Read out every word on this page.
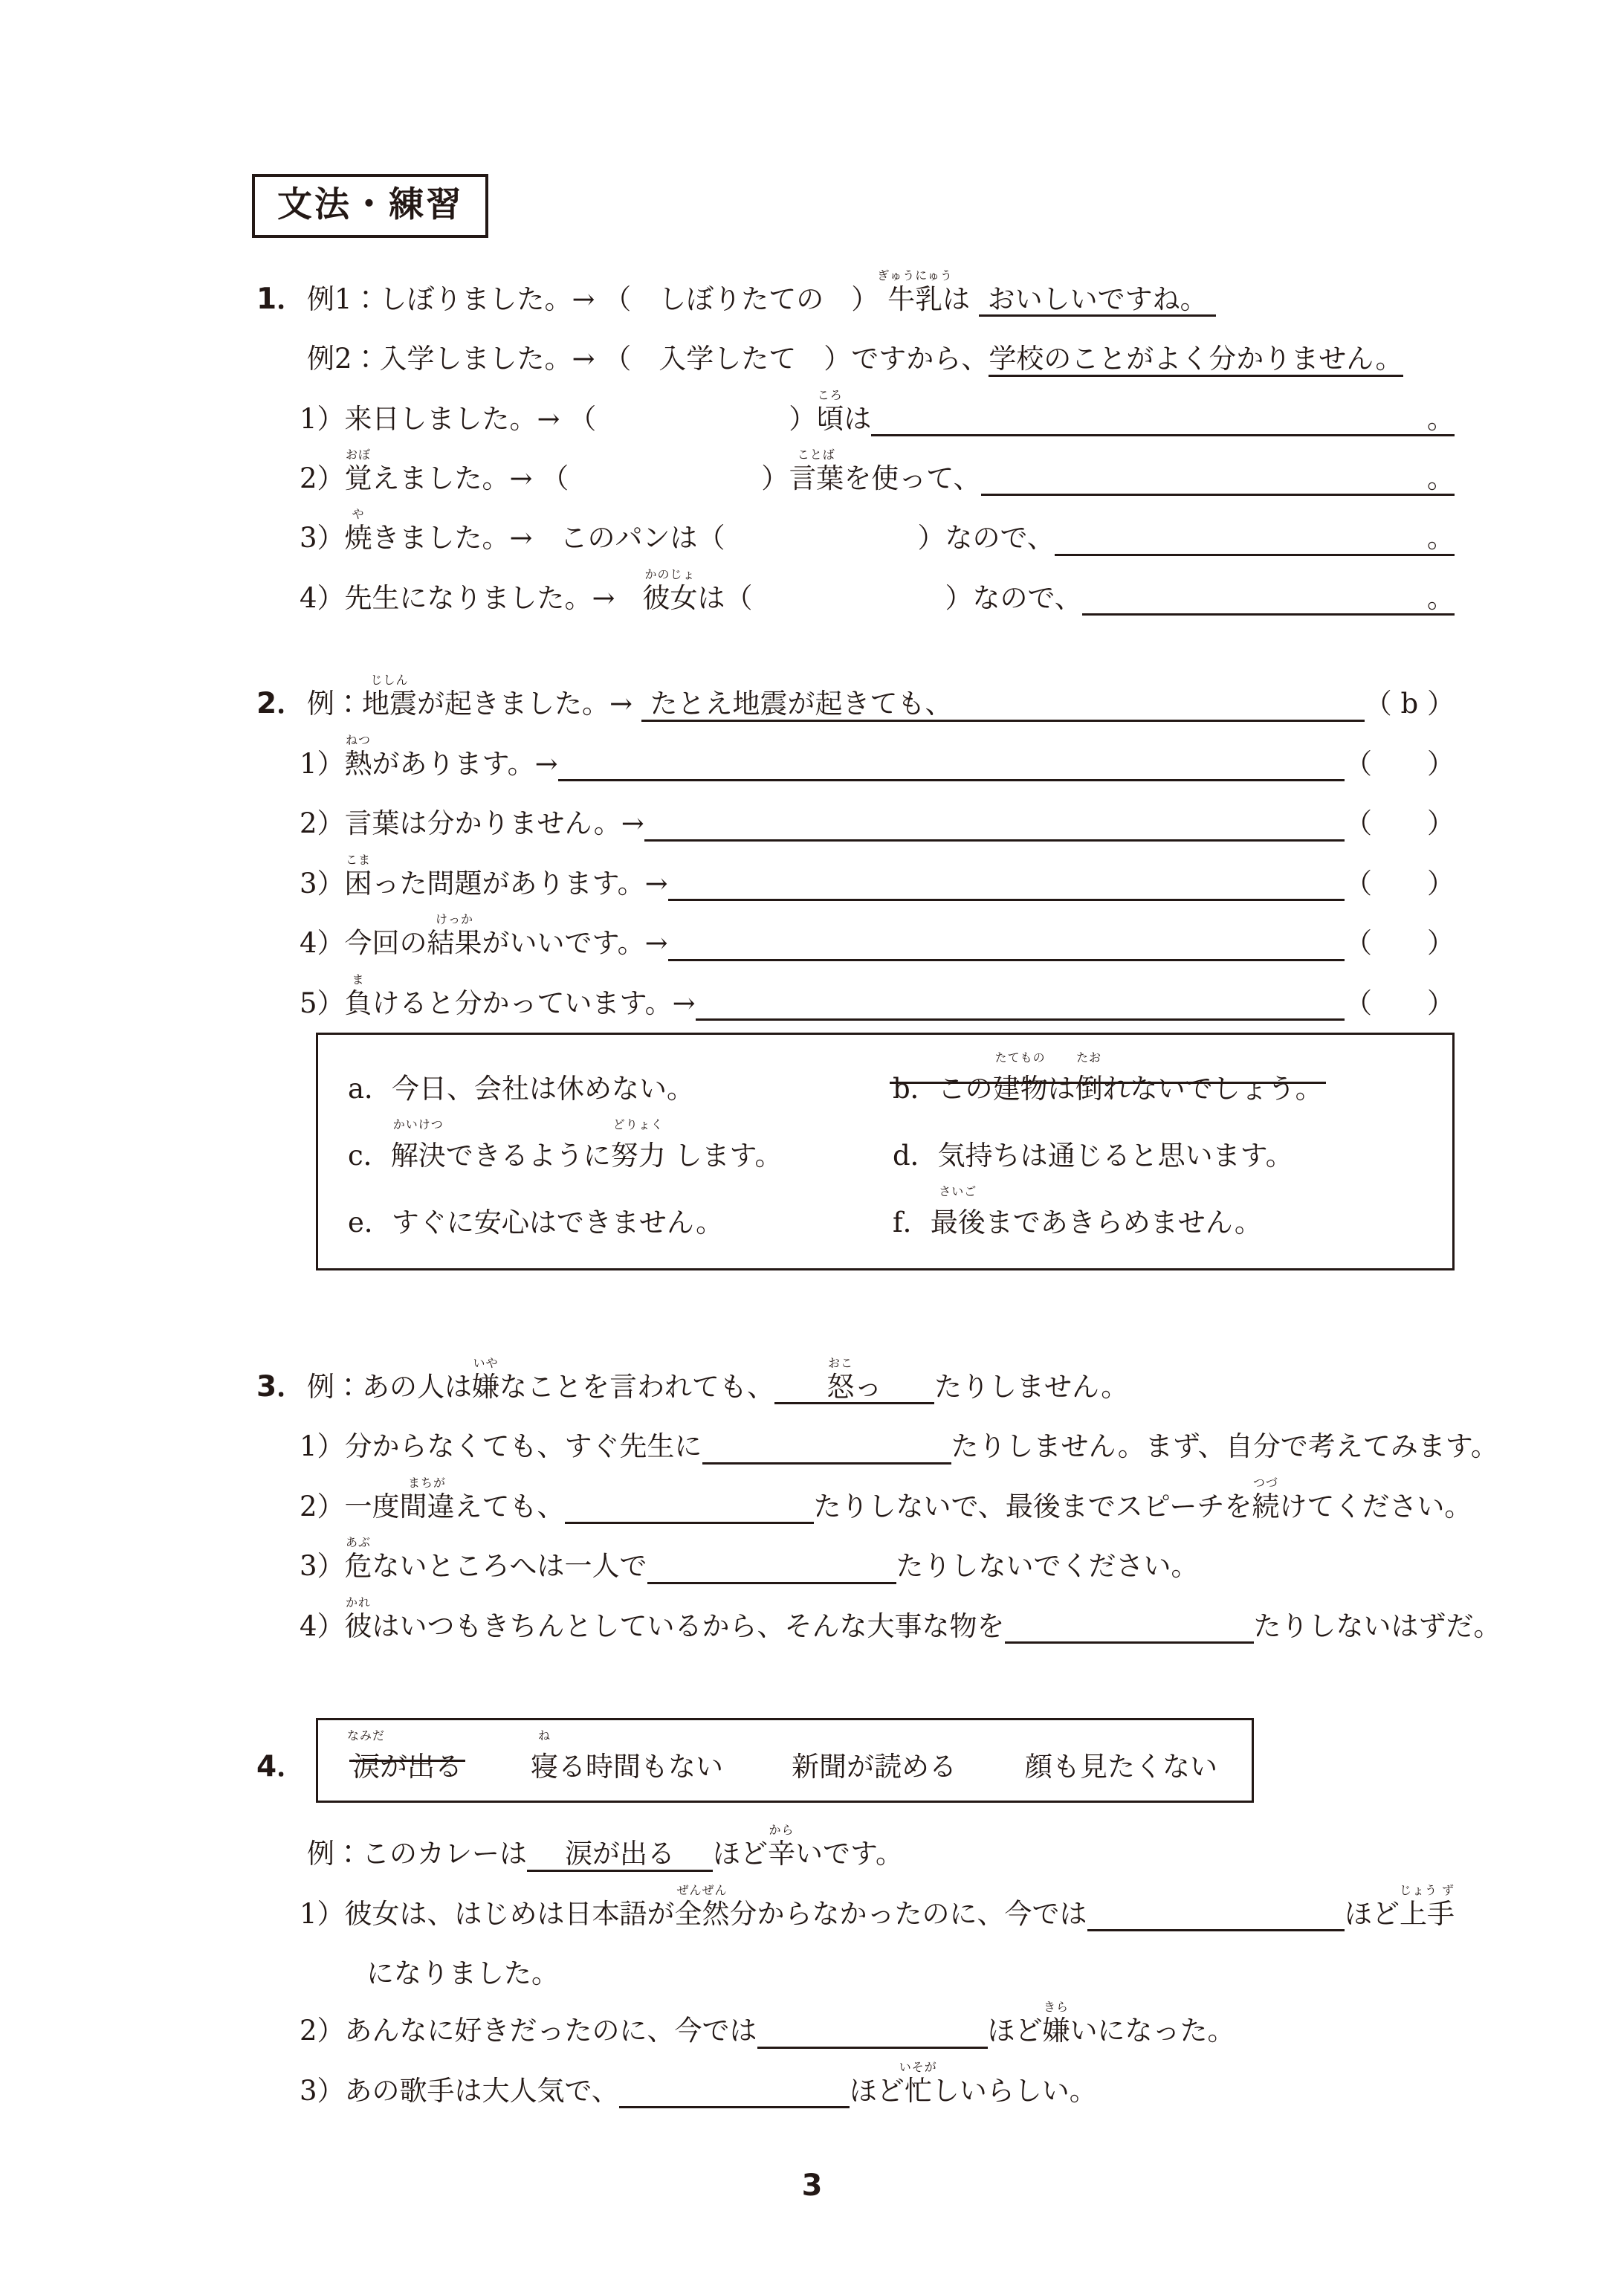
文法・練習
1．例1：しぼりました。→ （　しぼりたての　） 牛乳
ぎゅうにゅう
は  おいしいですね。
例2：入学しました。→ （　入学したて　）ですから、学校のことがよく分かりません。
1）来日しました。→ （　　　　　　　） 頃
ころ
は	。
2） 覚
おぼ
えました。→ （　　　　　　　） 言葉
ことば
を使って、	。
3） 焼
や
きました。→　このパンは（　　　　　　　）なので、	。
4）先生になりました。→　 彼女
かのじょ
は（　　　　　　　）なので、	。
2． 例： 地震
じしん
が起きました。→ たとえ地震が起きても、
	（ b ）
1） 熱
ねつ
があります。→
	（　　）
2）言葉は分かりません。→
	（　　）
3） 困
こま
った問題があります。→
	（　　）
4）今回の 結果
けっか
がいいです。→
	（　　）
5） 負
ま
けると分かっています。→
	（　　）
a．今日、会社は休めない。	b．この建物
たてもの
は倒
たお
れないでしょう。
c．解決
かいけつ
できるように努力
どりょく
します。	d．気持ちは通じると思います。
e．すぐに安心はできません。	f．最後
さいご
まであきらめません。
3．例：あの人は嫌
いや
なことを言われても、 怒
おこ
っ たりしません。
1）分からなくても、すぐ先生に	たりしません。まず、自分で考えてみます。
2）一度間違
まちが
えても、	たりしないで、最後までスピーチを続
つづ
けてください。
3）危
あぶ
ないところへは一人で	たりしないでください。
4）彼
かれ
はいつもきちんとしているから、そんな大事な物を	たりしないはずだ。
4． 涙
なみだ
が出る 寝
ね
る時間もない 新聞が読める 顔も見たくない
例：このカレーは 涙が出る ほど辛
から
いです。
1）彼女は、はじめは日本語が 全然
ぜんぜん
分からなかったのに、今では
	ほど 上手
じょう ず
になりました。
2）あんなに好きだったのに、今では	ほど嫌
きら
いになった。
3）あの歌手は大人気で、	ほど忙
いそが
しいらしい。
3
